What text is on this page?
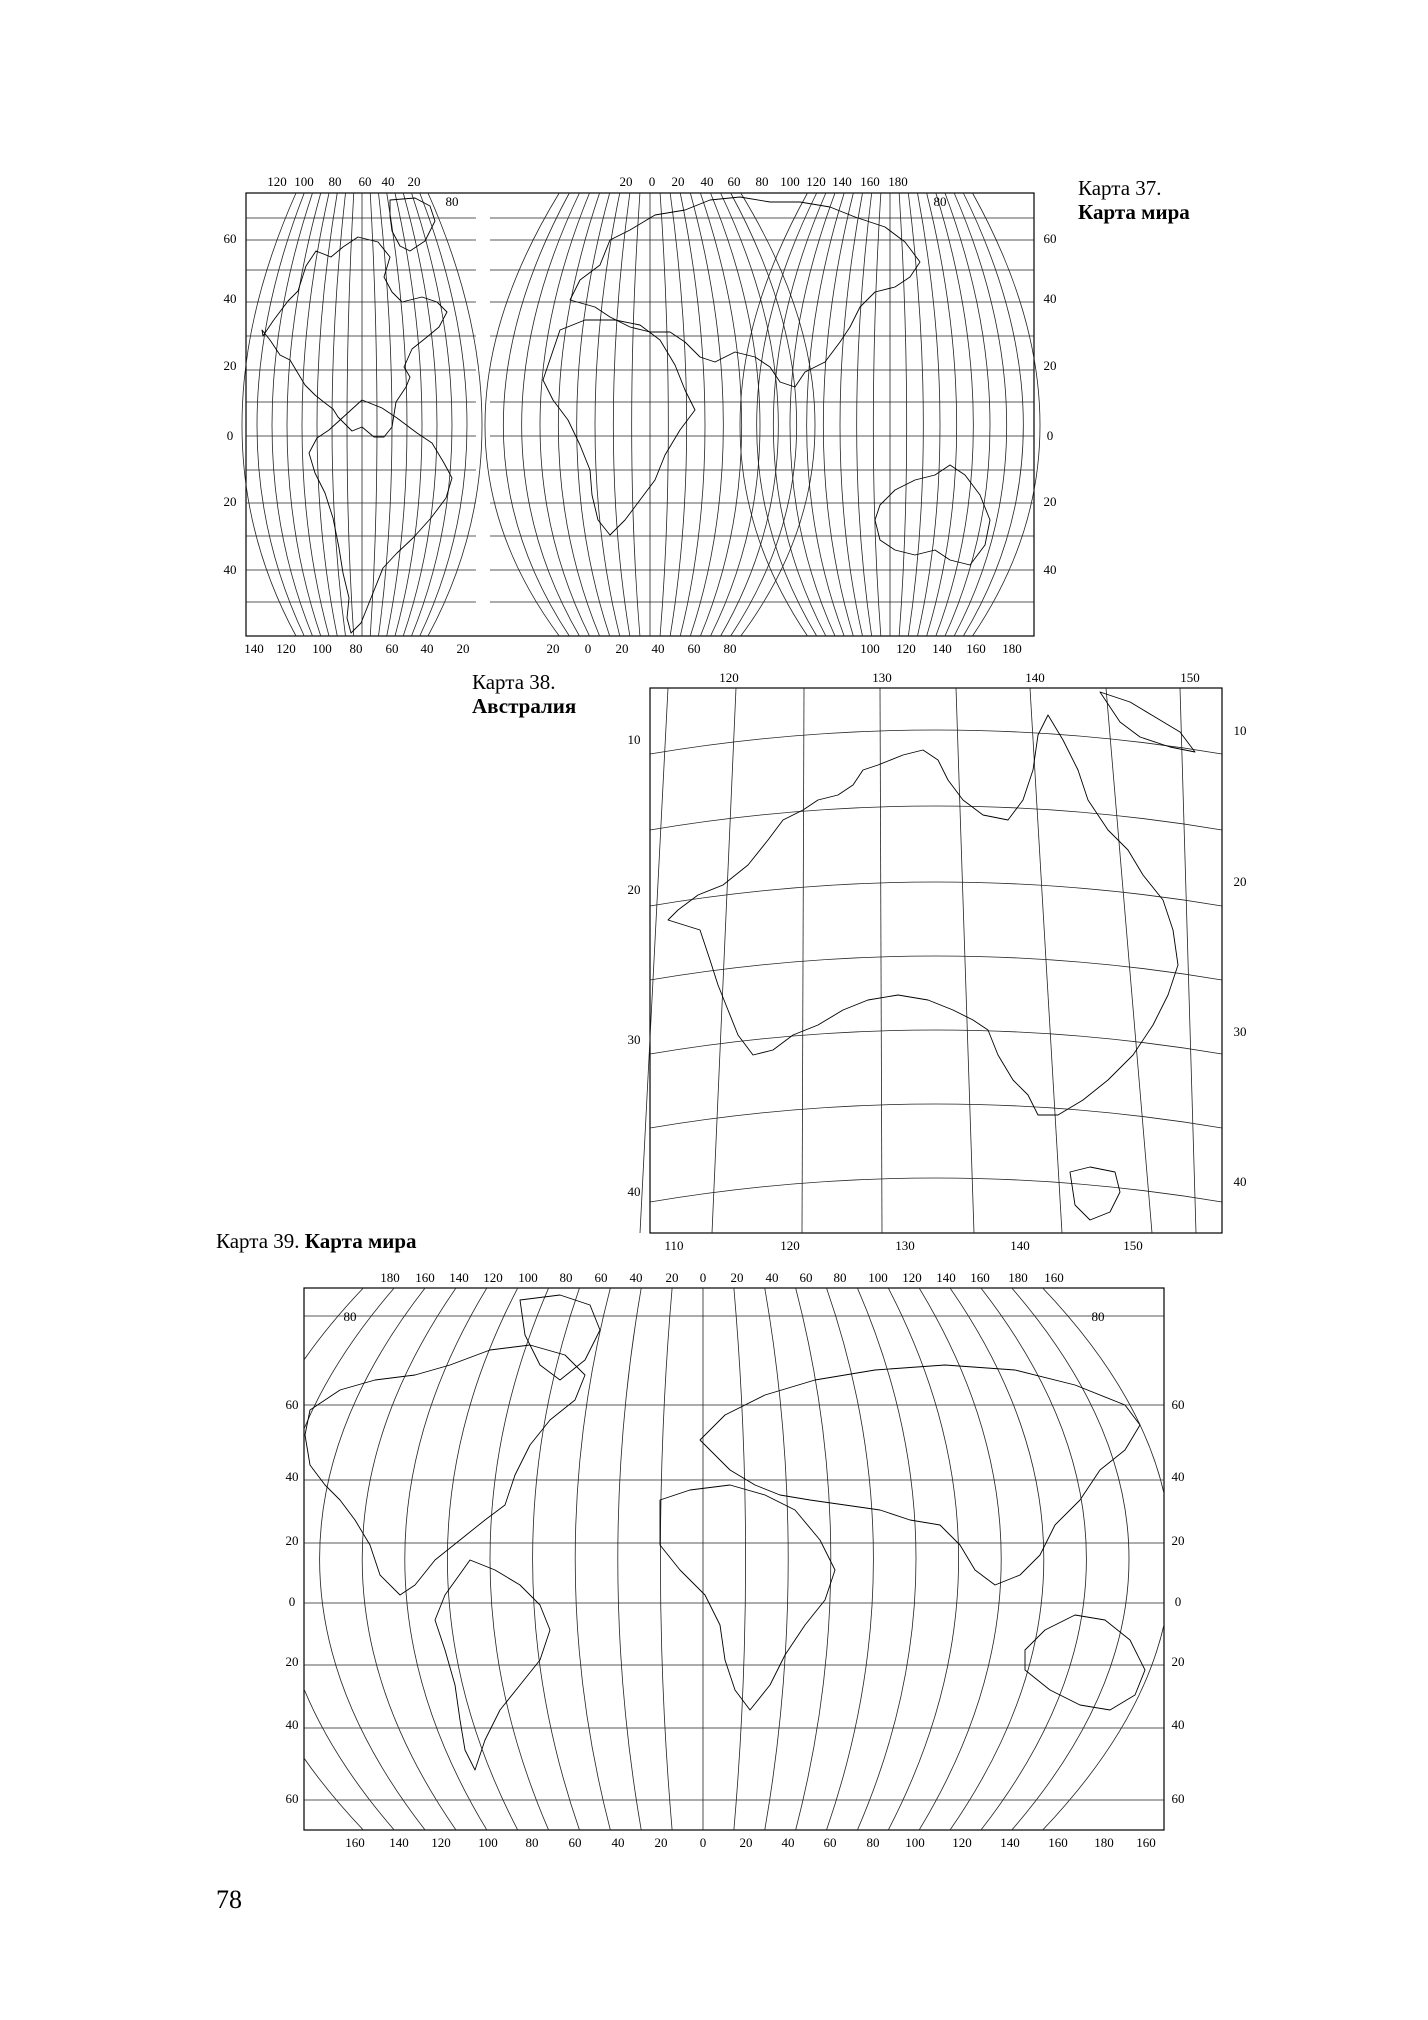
Карта 37.
Карта мира
Карта 38.
Австралия
Карта 39. Карта мира
120 100 80 60 40 20	20 0 20 40 60 80 100 120 140 160 180
140 120 100 80 60 40 20	20 0 20 40 60 80	100 120 140 160 180
60
40
20
0
20
40
60
40
20
0
20
40
80	80
120	130	140	150
110	120	130	140	150
10
20
30
40
10
20
30
40
180 160 140 120 100 80 60 40 20 0 20 40 60 80 100 120 140 160 180 160
160 140 120 100 80 60 40 20 0	20 40 60 80 100 120 140 160 180 160
60
40
20
0
20
40
60
60
40
20
0
20
40
60
80	80
78
